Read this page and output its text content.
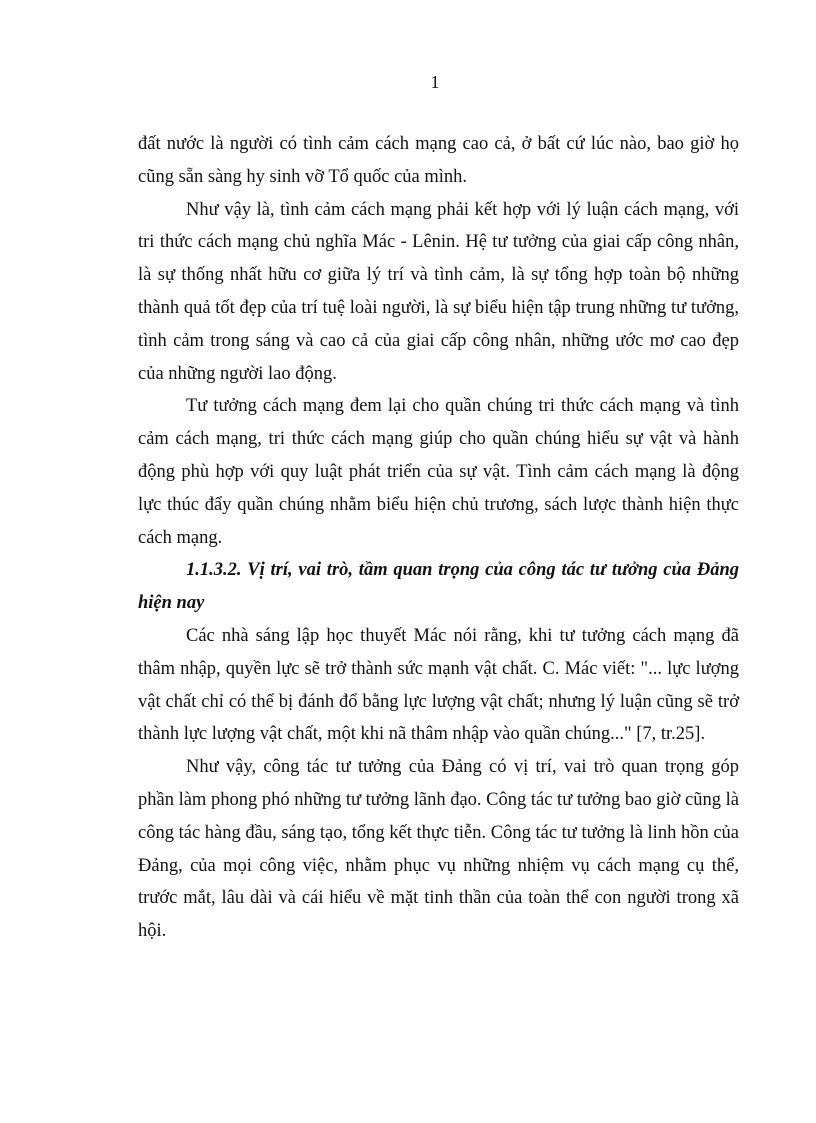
1

đất nước là người có tình cảm cách mạng cao cả, ở bất cứ lúc nào, bao giờ họ cũng sẵn sàng hy sinh vỡ Tổ quốc của mình.

Như vậy là, tình cảm cách mạng phải kết hợp với lý luận cách mạng, với tri thức cách mạng chủ nghĩa Mác - Lênin. Hệ tư tưởng của giai cấp công nhân, là sự thống nhất hữu cơ giữa lý trí và tình cảm, là sự tổng hợp toàn bộ những thành quả tốt đẹp của trí tuệ loài người, là sự biểu hiện tập trung những tư tưởng, tình cảm trong sáng và cao cả của giai cấp công nhân, những ước mơ cao đẹp của những người lao động.

Tư tưởng cách mạng đem lại cho quần chúng tri thức cách mạng và tình cảm cách mạng, tri thức cách mạng giúp cho quần chúng hiểu sự vật và hành động phù hợp với quy luật phát triển của sự vật. Tình cảm cách mạng là động lực thúc đẩy quần chúng nhằm biểu hiện chủ trương, sách lược thành hiện thực cách mạng.

1.1.3.2. Vị trí, vai trò, tầm quan trọng của công tác tư tưởng của Đảng hiện nay

Các nhà sáng lập học thuyết Mác nói rằng, khi tư tưởng cách mạng đã thâm nhập, quyền lực sẽ trở thành sức mạnh vật chất. C. Mác viết: "... lực lượng vật chất chỉ có thể bị đánh đổ bằng lực lượng vật chất; nhưng lý luận cũng sẽ trở thành lực lượng vật chất, một khi nã thâm nhập vào quần chúng..." [7, tr.25].

Như vậy, công tác tư tưởng của Đảng có vị trí, vai trò quan trọng góp phần làm phong phó những tư tưởng lãnh đạo. Công tác tư tưởng bao giờ cũng là công tác hàng đầu, sáng tạo, tổng kết thực tiễn. Công tác tư tưởng là linh hồn của Đảng, của mọi công việc, nhằm phục vụ những nhiệm vụ cách mạng cụ thể, trước mắt, lâu dài và cái hiểu về mặt tinh thần của toàn thể con người trong xã hội.
